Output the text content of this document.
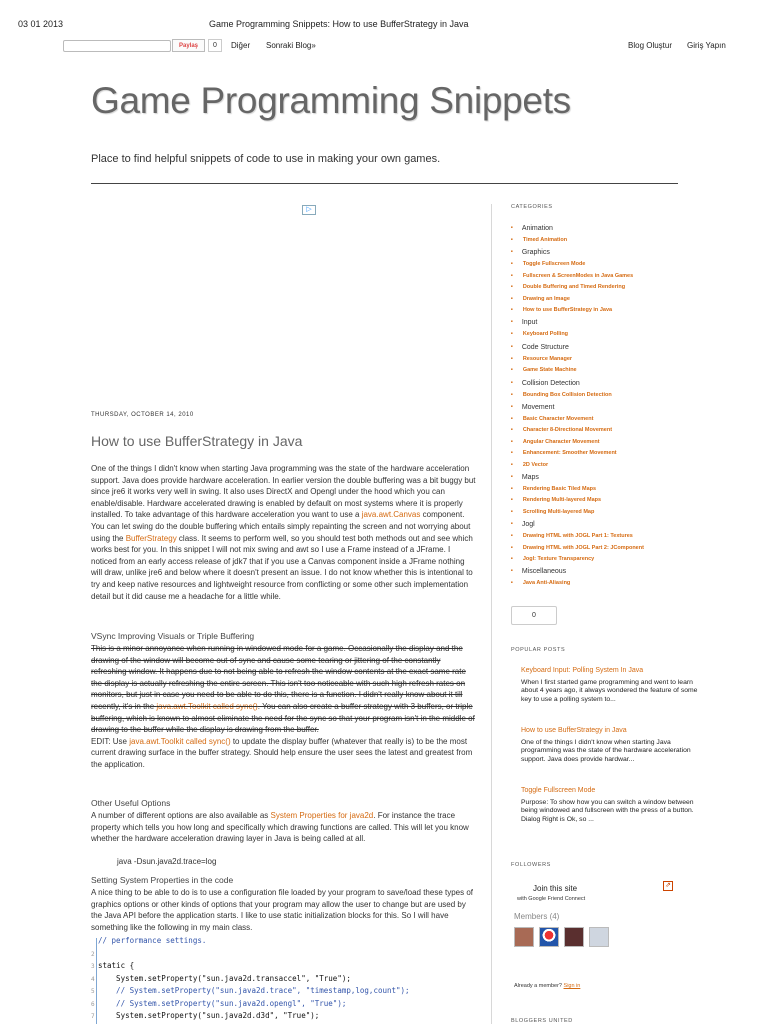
03 01 2013	Game Programming Snippets: How to use BufferStrategy in Java
Paylaş	0	Diğer Sonraki Blog»	Blog Oluştur Giriş Yapın
Game Programming Snippets
Place to find helpful snippets of code to use in making your own games.
▷
THURSDAY, OCTOBER 14, 2010
How to use BufferStrategy in Java

One of the things I didn't know when starting Java programming was the state of the hardware acceleration support. Java does provide hardware acceleration. In earlier version the double buffering was a bit buggy but since jre6 it works very well in swing. It also uses DirectX and Opengl under the hood which you can enable/disable. Hardware accelerated drawing is enabled by default on most systems where it is properly installed. To take advantage of this hardware acceleration you want to use a java.awt.Canvas component. You can let swing do the double buffering which entails simply repainting the screen and not worrying about using the BufferStrategy class. It seems to perform well, so you should test both methods out and see which works best for you. In this snippet I will not mix swing and awt so I use a Frame instead of a JFrame. I noticed from an early access release of jdk7 that if you use a Canvas component inside a JFrame nothing will draw, unlike jre6 and below where it doesn't present an issue. I do not know whether this is intentional to try and keep native resources and lightweight resource from conflicting or some other such implementation detail but it did cause me a headache for a little while.

VSync Improving Visuals or Triple Buffering

This is a minor annoyance when running in windowed mode for a game. Occasionally the display and the drawing of the window will become out of sync and cause some tearing or jittering of the constantly refreshing window. It happens due to not being able to refresh the window contents at the exact same rate the display is actually refreshing the entire screen. This isn't too noticeable with such high refresh rates on monitors, but just in case you need to be able to do this, there is a function. I didn't really know about it till recently, it's in the java.awt.Toolkit called sync(). You can also create a buffer strategy with 3 buffers, or triple buffering, which is known to almost eliminate the need for the sync so that your program isn't in the middle of drawing to the buffer while the display is drawing from the buffer.

EDIT: Use java.awt.Toolkit called sync() to update the display buffer (whatever that really is) to be the most current drawing surface in the buffer strategy. Should help ensure the user sees the latest and greatest from the application.

Other Useful Options

A number of different options are also available as System Properties for java2d. For instance the trace property which tells you how long and specifically which drawing functions are called. This will let you know whether the hardware acceleration drawing layer in Java is being called at all.

java -Dsun.java2d.trace=log
Setting System Properties in the code
A nice thing to be able to do is to use a configuration file loaded by your program to save/load these types of graphics options or other kinds of options that your program may allow the user to change but are used by the Java API before the application starts. I like to use static initialization blocks for this. So I will have something like the following in my main class.
// performance settings.
2
3 static {
4    System.setProperty("sun.java2d.transaccel", "True");
5    // System.setProperty("sun.java2d.trace", "timestamp,log,count");
6    // System.setProperty("sun.java2d.opengl", "True");
7    System.setProperty("sun.java2d.d3d", "True");
CATEGORIES
■ Animation
■ Timed Animation
■ Graphics
■ Toggle Fullscreen Mode
■ Fullscreen & ScreenModes in Java Games
■ Double Buffering and Timed Rendering
■ Drawing an Image
■ How to use BufferStrategy in Java
■ Input
■ Keyboard Polling
■ Code Structure
■ Resource Manager
■ Game State Machine
■ Collision Detection
■ Bounding Box Collision Detection
■ Movement
■ Basic Character Movement
■ Character 8-Directional Movement
■ Angular Character Movement
■ Enhancement: Smoother Movement
■ 2D Vector
■ Maps
■ Rendering Basic Tiled Maps
■ Rendering Multi-layered Maps
■ Scrolling Multi-layered Map
■ Jogl
■ Drawing HTML with JOGL Part 1: Textures
■ Drawing HTML with JOGL Part 2: JComponent
■ Jogl: Texture Transparency
■ Miscellaneous
■ Java Anti-Aliasing
0
POPULAR POSTS
Keyboard Input: Polling System In Java
When I first started game programming and went to learn about 4 years ago, it always wondered the feature of some key to use a polling system to...
How to use BufferStrategy in Java
One of the things I didn't know when starting Java programming was the state of the hardware acceleration support. Java does provide hardwar...
Toggle Fullscreen Mode
Purpose: To show how you can switch a window between being windowed and fullscreen with the press of a button. Dialog Right is Ok, so ...
FOLLOWERS
Join this site	⇗
with Google Friend Connect
Members (4)
Already a member? Sign in
BLOGGERS UNITED
